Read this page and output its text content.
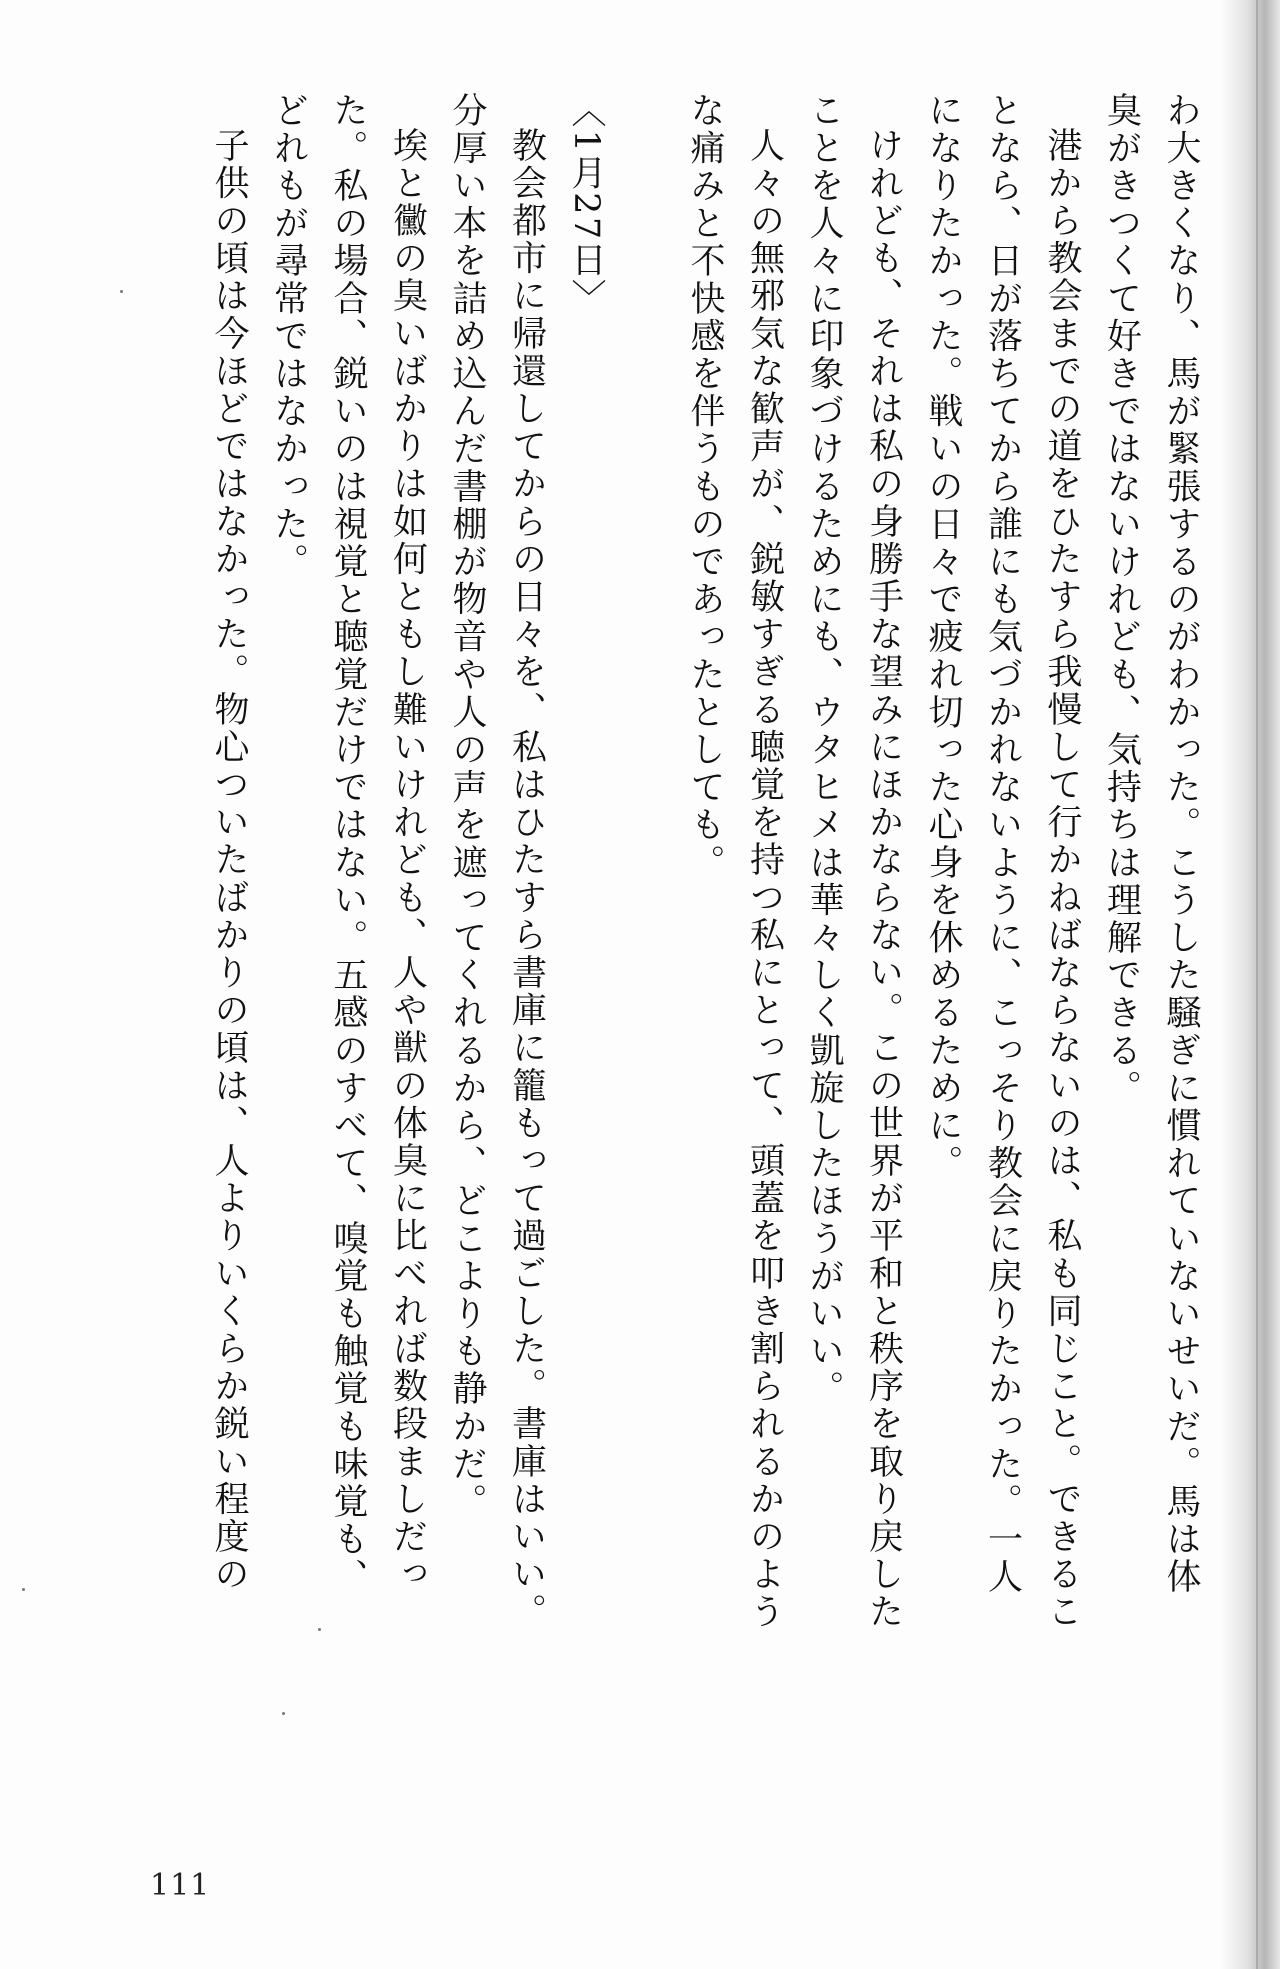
わ大きくなり、馬が緊張するのがわかった。こうした騒ぎに慣れていないせいだ。馬は体臭がきつくて好きではないけれども、気持ちは理解できる。

港から教会までの道をひたすら我慢して行かねばならないのは、私も同じこと。できることなら、日が落ちてから誰にも気づかれないように、こっそり教会に戻りたかった。一人になりたかった。戦いの日々で疲れ切った心身を休めるために。

けれども、それは私の身勝手な望みにほかならない。この世界が平和と秩序を取り戻したことを人々に印象づけるためにも、ウタヒメは華々しく凱旋したほうがいい。

人々の無邪気な歓声が、鋭敏すぎる聴覚を持つ私にとって、頭蓋を叩き割られるかのような痛みと不快感を伴うものであったとしても。

〈1月27日〉

教会都市に帰還してからの日々を、私はひたすら書庫に籠もって過ごした。書庫はいい。分厚い本を詰め込んだ書棚が物音や人の声を遮ってくれるから、どこよりも静かだ。

埃と黴の臭いばかりは如何ともし難いけれども、人や獣の体臭に比べれば数段ましだった。私の場合、鋭いのは視覚と聴覚だけではない。五感のすべて、嗅覚も触覚も味覚も、どれもが尋常ではなかった。

子供の頃は今ほどではなかった。物心ついたばかりの頃は、人よりいくらか鋭い程度の

111
